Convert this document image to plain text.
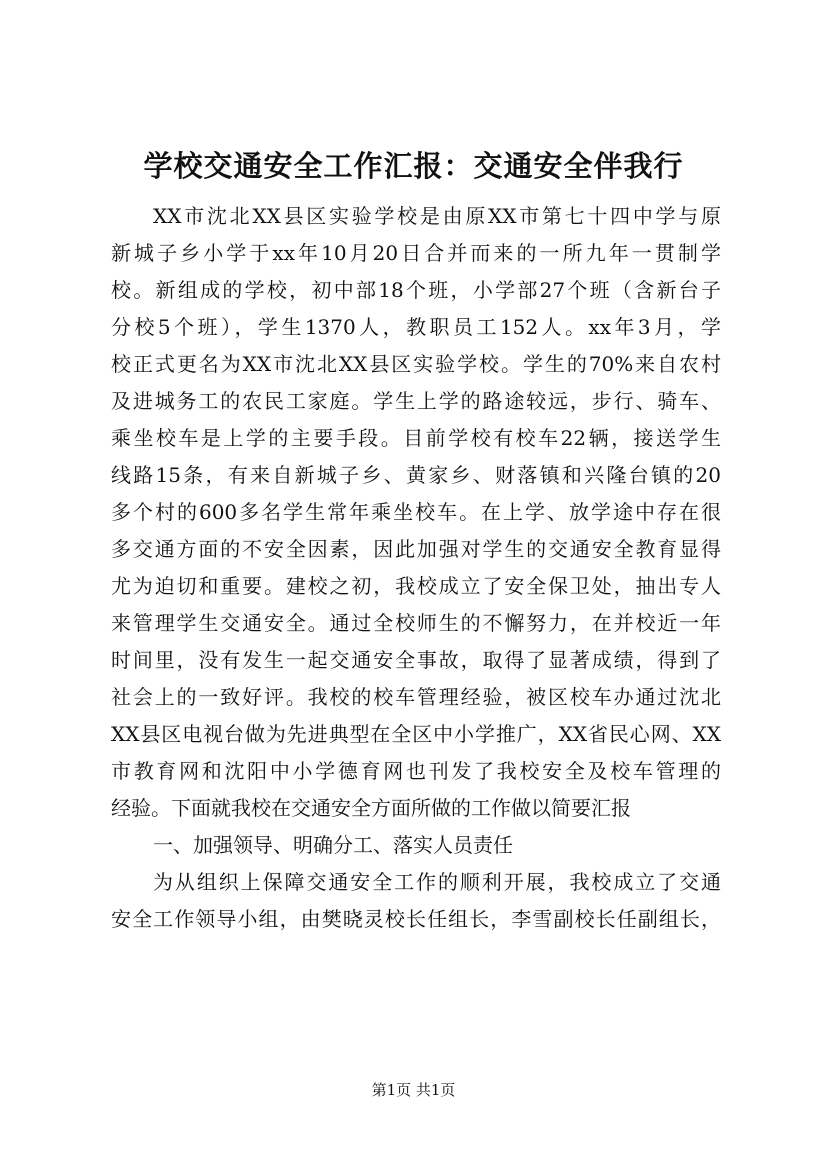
学校交通安全工作汇报：交通安全伴我行
XX市沈北XX县区实验学校是由原XX市第七十四中学与原
新城子乡小学于xx年10月20日合并而来的一所九年一贯制学
校。新组成的学校，初中部18个班，小学部27个班（含新台子
分校5个班），学生1370人，教职员工152人。xx年3月，学
校正式更名为XX市沈北XX县区实验学校。学生的70%来自农村
及进城务工的农民工家庭。学生上学的路途较远，步行、骑车、
乘坐校车是上学的主要手段。目前学校有校车22辆，接送学生
线路15条，有来自新城子乡、黄家乡、财落镇和兴隆台镇的20
多个村的600多名学生常年乘坐校车。在上学、放学途中存在很
多交通方面的不安全因素，因此加强对学生的交通安全教育显得
尤为迫切和重要。建校之初，我校成立了安全保卫处，抽出专人
来管理学生交通安全。通过全校师生的不懈努力，在并校近一年
时间里，没有发生一起交通安全事故，取得了显著成绩，得到了
社会上的一致好评。我校的校车管理经验，被区校车办通过沈北
XX县区电视台做为先进典型在全区中小学推广，XX省民心网、XX
市教育网和沈阳中小学德育网也刊发了我校安全及校车管理的
经验。下面就我校在交通安全方面所做的工作做以简要汇报
一、加强领导、明确分工、落实人员责任
为从组织上保障交通安全工作的顺利开展，我校成立了交通
安全工作领导小组，由樊晓灵校长任组长，李雪副校长任副组长，
第1页 共1页
